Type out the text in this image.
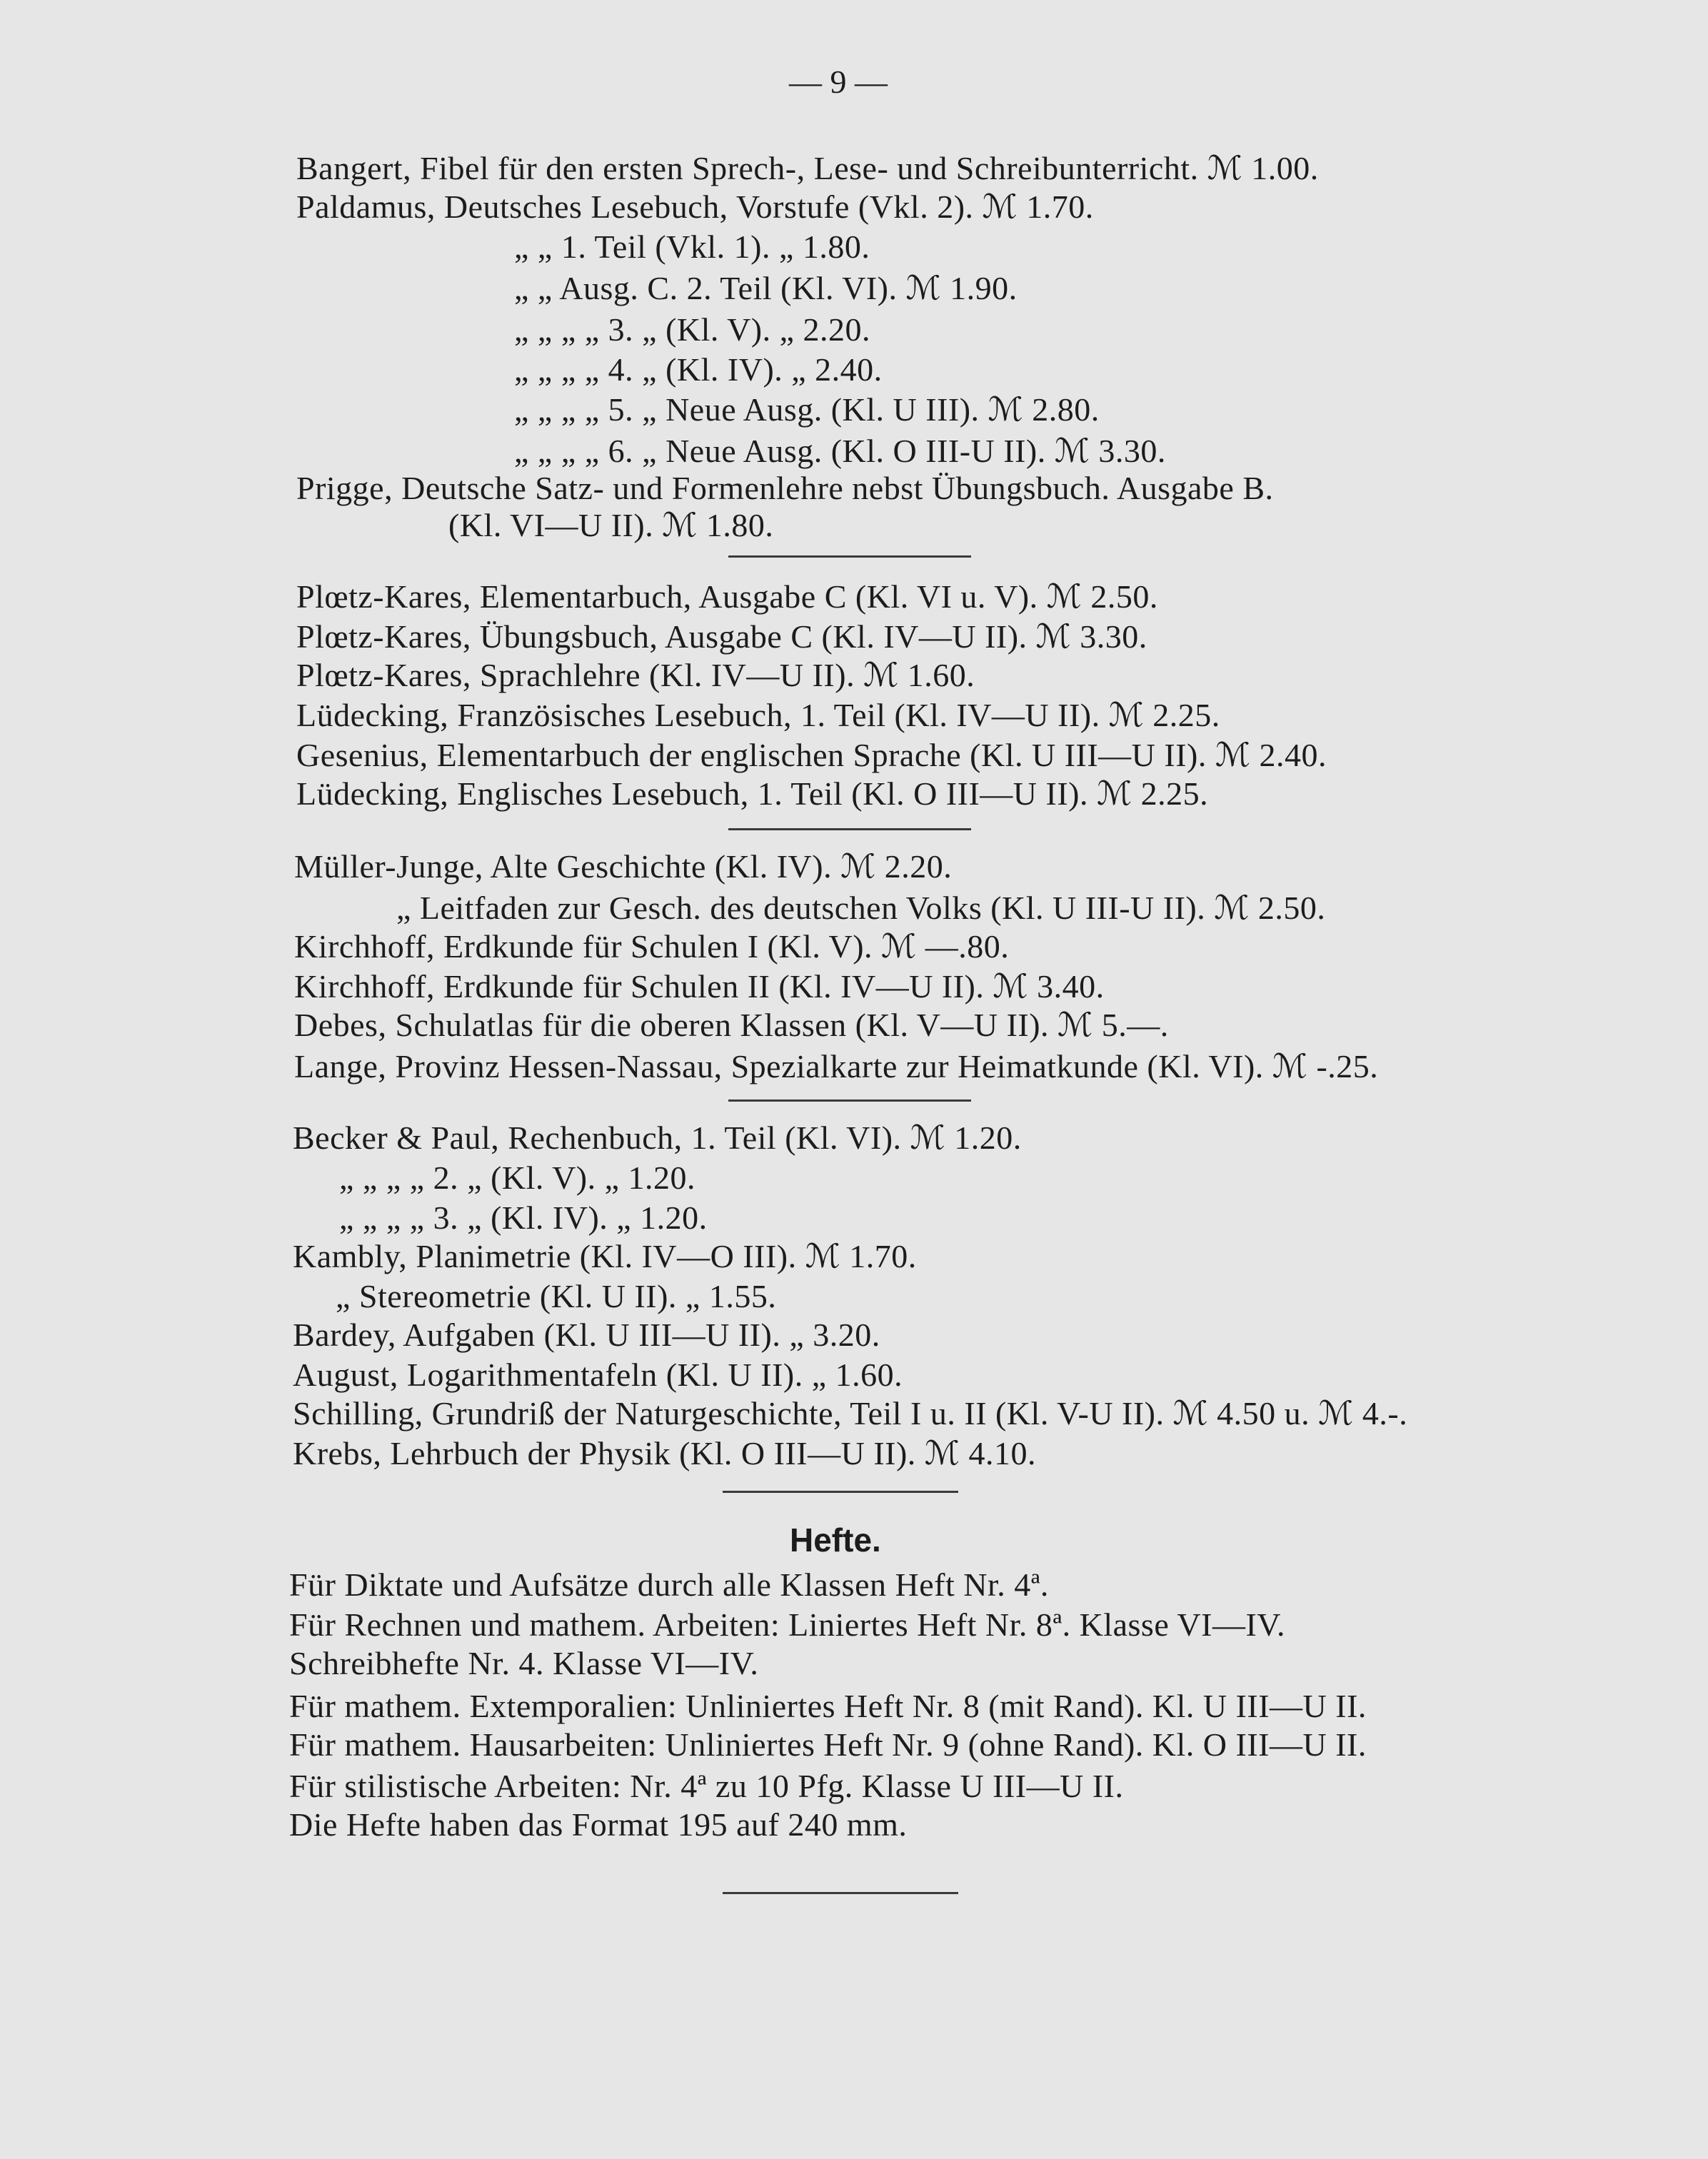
— 9 —
Bangert, Fibel für den ersten Sprech-, Lese- und Schreibunterricht. ℳ 1.00.
Paldamus, Deutsches Lesebuch, Vorstufe (Vkl. 2). ℳ 1.70.
„ „ 1. Teil (Vkl. 1). „ 1.80.
„ „ Ausg. C. 2. Teil (Kl. VI). ℳ 1.90.
„ „ „ „ 3. „ (Kl. V). „ 2.20.
„ „ „ „ 4. „ (Kl. IV). „ 2.40.
„ „ „ „ 5. „ Neue Ausg. (Kl. U III). ℳ 2.80.
„ „ „ „ 6. „ Neue Ausg. (Kl. O III-U II). ℳ 3.30.
Prigge, Deutsche Satz- und Formenlehre nebst Übungsbuch. Ausgabe B.
(Kl. VI—U II). ℳ 1.80.
Plœtz-Kares, Elementarbuch, Ausgabe C (Kl. VI u. V). ℳ 2.50.
Plœtz-Kares, Übungsbuch, Ausgabe C (Kl. IV—U II). ℳ 3.30.
Plœtz-Kares, Sprachlehre (Kl. IV—U II). ℳ 1.60.
Lüdecking, Französisches Lesebuch, 1. Teil (Kl. IV—U II). ℳ 2.25.
Gesenius, Elementarbuch der englischen Sprache (Kl. U III—U II). ℳ 2.40.
Lüdecking, Englisches Lesebuch, 1. Teil (Kl. O III—U II). ℳ 2.25.
Müller-Junge, Alte Geschichte (Kl. IV). ℳ 2.20.
„ Leitfaden zur Gesch. des deutschen Volks (Kl. U III-U II). ℳ 2.50.
Kirchhoff, Erdkunde für Schulen I (Kl. V). ℳ —.80.
Kirchhoff, Erdkunde für Schulen II (Kl. IV—U II). ℳ 3.40.
Debes, Schulatlas für die oberen Klassen (Kl. V—U II). ℳ 5.—.
Lange, Provinz Hessen-Nassau, Spezialkarte zur Heimatkunde (Kl. VI). ℳ -.25.
Becker & Paul, Rechenbuch, 1. Teil (Kl. VI). ℳ 1.20.
„ „ „ „ 2. „ (Kl. V). „ 1.20.
„ „ „ „ 3. „ (Kl. IV). „ 1.20.
Kambly, Planimetrie (Kl. IV—O III). ℳ 1.70.
„ Stereometrie (Kl. U II). „ 1.55.
Bardey, Aufgaben (Kl. U III—U II). „ 3.20.
August, Logarithmentafeln (Kl. U II). „ 1.60.
Schilling, Grundriß der Naturgeschichte, Teil I u. II (Kl. V-U II). ℳ 4.50 u. ℳ 4.-.
Krebs, Lehrbuch der Physik (Kl. O III—U II). ℳ 4.10.
Hefte.
Für Diktate und Aufsätze durch alle Klassen Heft Nr. 4ª.
Für Rechnen und mathem. Arbeiten: Liniertes Heft Nr. 8ª. Klasse VI—IV.
Schreibhefte Nr. 4. Klasse VI—IV.
Für mathem. Extemporalien: Unliniertes Heft Nr. 8 (mit Rand). Kl. U III—U II.
Für mathem. Hausarbeiten: Unliniertes Heft Nr. 9 (ohne Rand). Kl. O III—U II.
Für stilistische Arbeiten: Nr. 4ª zu 10 Pfg. Klasse U III—U II.
Die Hefte haben das Format 195 auf 240 mm.
